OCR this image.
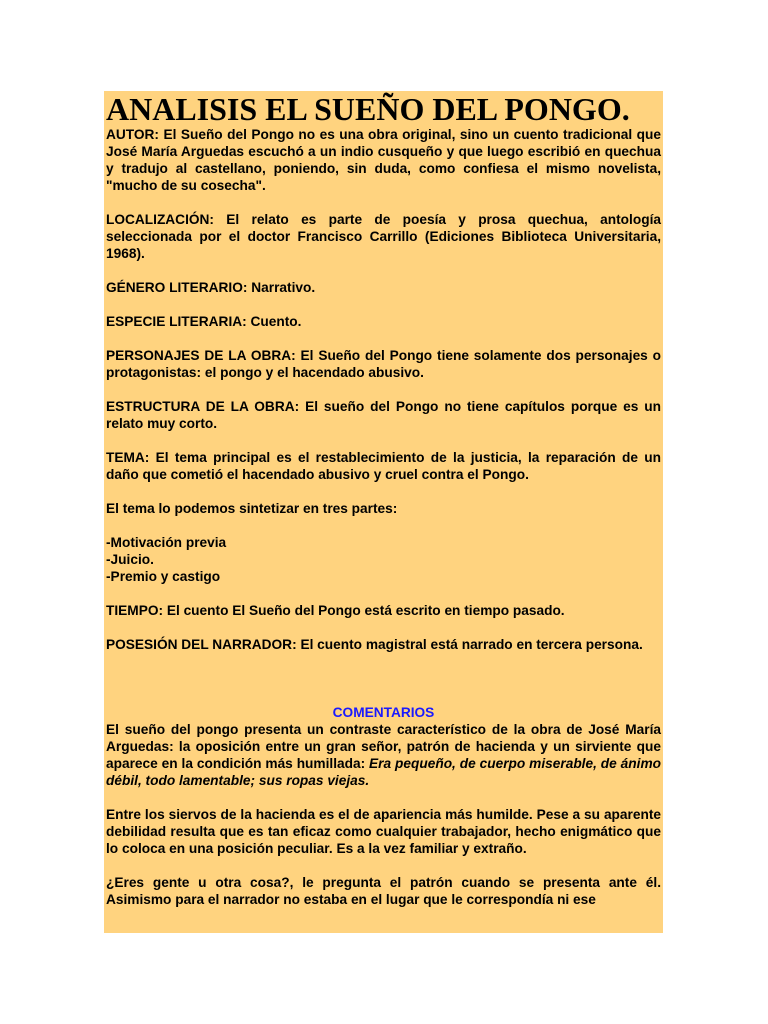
ANALISIS EL SUEÑO DEL PONGO.

AUTOR: El Sueño del Pongo no es una obra original, sino un cuento tradicional que José María Arguedas escuchó a un indio cusqueño y que luego escribió en quechua y tradujo al castellano, poniendo, sin duda, como confiesa el mismo novelista, "mucho de su cosecha".

LOCALIZACIÓN: El relato es parte de poesía y prosa quechua, antología seleccionada por el doctor Francisco Carrillo (Ediciones Biblioteca Universitaria, 1968).

GÉNERO LITERARIO: Narrativo.

ESPECIE LITERARIA: Cuento.

PERSONAJES DE LA OBRA: El Sueño del Pongo tiene solamente dos personajes o protagonistas: el pongo y el hacendado abusivo.

ESTRUCTURA DE LA OBRA: El sueño del Pongo no tiene capítulos porque es un relato muy corto.

TEMA: El tema principal es el restablecimiento de la justicia, la reparación de un daño que cometió el hacendado abusivo y cruel contra el Pongo.

El tema lo podemos sintetizar en tres partes:

-Motivación previa
-Juicio.
-Premio y castigo

TIEMPO: El cuento El Sueño del Pongo está escrito en tiempo pasado.

POSESIÓN DEL NARRADOR: El cuento magistral está narrado en tercera persona.

COMENTARIOS

El sueño del pongo presenta un contraste característico de la obra de José María Arguedas: la oposición entre un gran señor, patrón de hacienda y un sirviente que aparece en la condición más humillada: Era pequeño, de cuerpo miserable, de ánimo débil, todo lamentable; sus ropas viejas.

Entre los siervos de la hacienda es el de apariencia más humilde. Pese a su aparente debilidad resulta que es tan eficaz como cualquier trabajador, hecho enigmático que lo coloca en una posición peculiar. Es a la vez familiar y extraño.

¿Eres gente u otra cosa?, le pregunta el patrón cuando se presenta ante él. Asimismo para el narrador no estaba en el lugar que le correspondía ni ese
